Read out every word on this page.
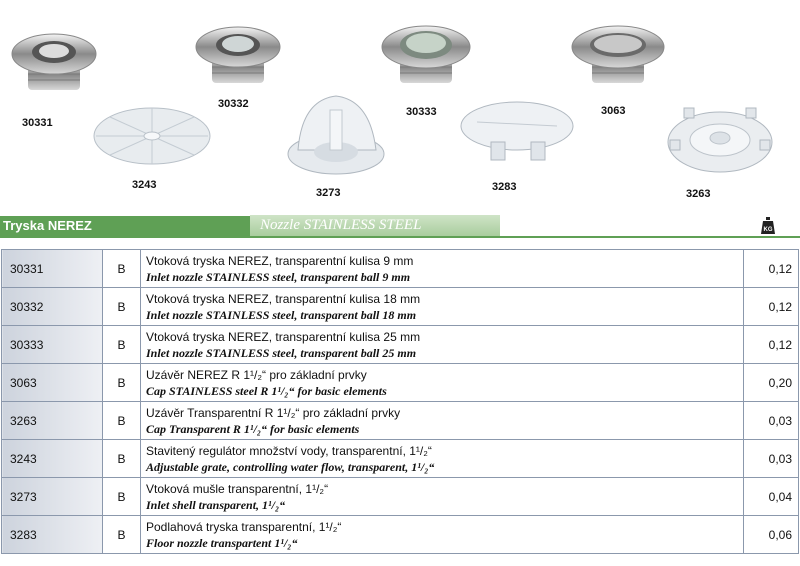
30331
30332
30333	3063
3243
3273	3283
3263
Tryska NEREZ	Nozzle STAINLESS STEEL	KG
30331	B	Vtoková tryska NEREZ, transparentní kulisa 9 mm
Inlet nozzle STAINLESS steel, transparent ball 9 mm	0,12
30332	B	Vtoková tryska NEREZ, transparentní kulisa 18 mm
Inlet nozzle STAINLESS steel, transparent ball 18 mm	0,12
30333	B	Vtoková tryska NEREZ, transparentní kulisa 25 mm
Inlet nozzle STAINLESS steel, transparent ball 25 mm	0,12
3063	B	Uzávěr NEREZ R 1¹/₂“ pro základní prvky
Cap STAINLESS steel R 1¹/₂“ for basic elements	0,20
3263	B	Uzávěr Transparentní R 1¹/₂“ pro základní prvky
Cap Transparent R 1¹/₂“ for basic elements	0,03
3243	B	Stavitený regulátor množství vody, transparentní, 1¹/₂“
Adjustable grate, controlling water flow, transparent, 1¹/₂“	0,03
3273	B	Vtoková mušle transparentní, 1¹/₂“
Inlet shell transparent, 1¹/₂“	0,04
3283	B	Podlahová tryska transparentní, 1¹/₂“
Floor nozzle transpartent 1¹/₂“	0,06
